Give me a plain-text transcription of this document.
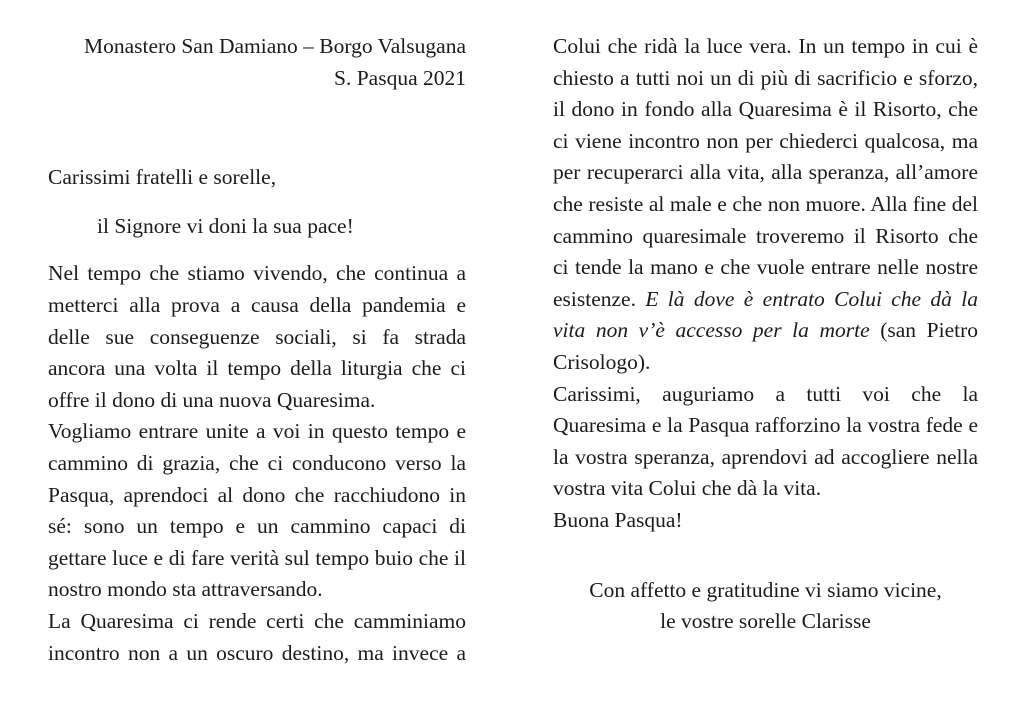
Monastero San Damiano – Borgo Valsugana
S. Pasqua 2021

Carissimi fratelli e sorelle,

il Signore vi doni la sua pace!

Nel tempo che stiamo vivendo, che continua a metterci alla prova a causa della pandemia e delle sue conseguenze sociali, si fa strada ancora una volta il tempo della liturgia che ci offre il dono di una nuova Quaresima.

Vogliamo entrare unite a voi in questo tempo e cammino di grazia, che ci conducono verso la Pasqua, aprendoci al dono che racchiudono in sé: sono un tempo e un cammino capaci di gettare luce e di fare verità sul tempo buio che il nostro mondo sta attraversando.

La Quaresima ci rende certi che camminiamo incontro non a un oscuro destino, ma invece a

Colui che ridà la luce vera. In un tempo in cui è chiesto a tutti noi un di più di sacrificio e sforzo, il dono in fondo alla Quaresima è il Risorto, che ci viene incontro non per chiederci qualcosa, ma per recuperarci alla vita, alla speranza, all’amore che resiste al male e che non muore. Alla fine del cammino quaresimale troveremo il Risorto che ci tende la mano e che vuole entrare nelle nostre esistenze. E là dove è entrato Colui che dà la vita non v’è accesso per la morte (san Pietro Crisologo).

Carissimi, auguriamo a tutti voi che la Quaresima e la Pasqua rafforzino la vostra fede e la vostra speranza, aprendovi ad accogliere nella vostra vita Colui che dà la vita.

Buona Pasqua!

Con affetto e gratitudine vi siamo vicine,
le vostre sorelle Clarisse
